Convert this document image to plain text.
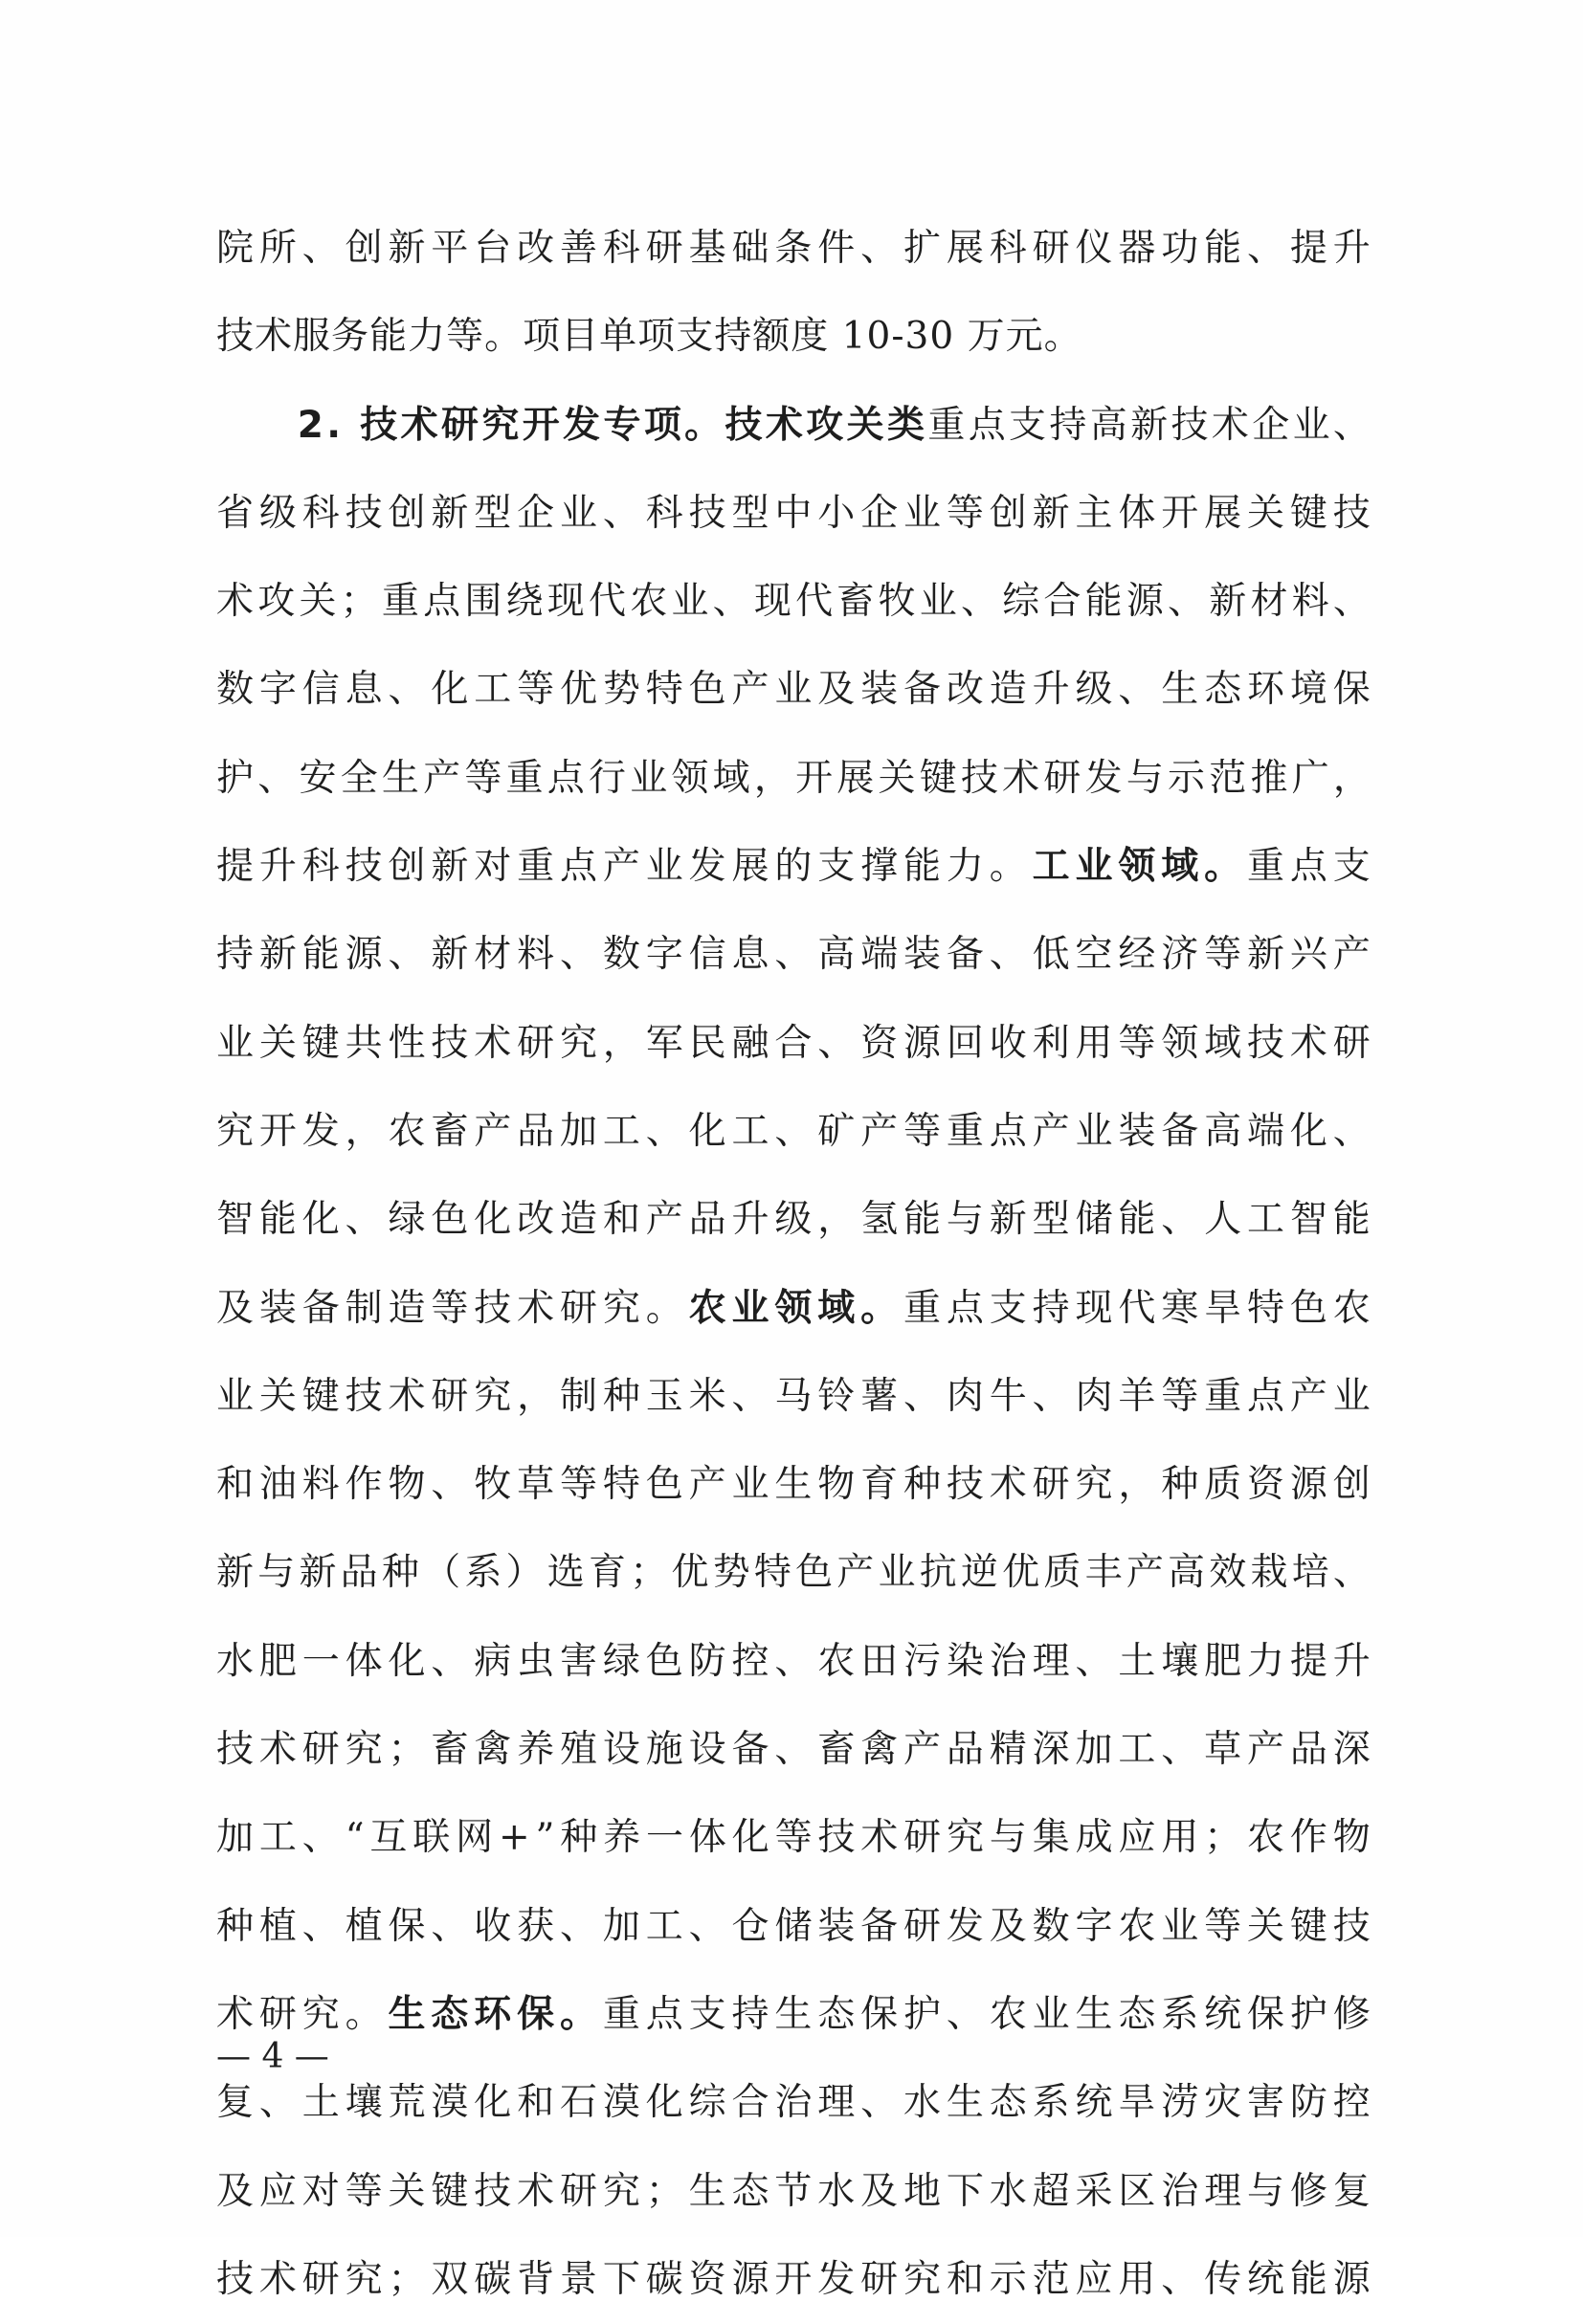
院 所 、 创 新 平 台 改 善 科 研 基 础 条 件 、 扩 展 科 研 仪 器 功 能 、 提 升
技 术 服 务 能 力 等 。 项 目 单 项 支 持 额 度
1 0 - 3 0
万 元 。

2 .
技 术 研 究 开 发 专 项 。 技 术 攻 关 类 重 点 支 持 高 新 技 术 企 业 、
省 级 科 技 创 新 型 企 业 、 科 技 型 中 小 企 业 等 创 新 主 体 开 展 关 键 技
术 攻 关 ； 重 点 围 绕 现 代 农 业 、 现 代 畜 牧 业 、 综 合 能 源 、 新 材 料 、
数 字 信 息 、 化 工 等 优 势 特 色 产 业 及 装 备 改 造 升 级 、 生 态 环 境 保
护 、 安 全 生 产 等 重 点 行 业 领 域 ， 开 展 关 键 技 术 研 发 与 示 范 推 广 ，
提 升 科 技 创 新 对 重 点 产 业 发 展 的 支 撑 能 力 。 工 业 领 域 。 重 点 支
持 新 能 源 、 新 材 料 、 数 字 信 息 、 高 端 装 备 、 低 空 经 济 等 新 兴 产
业 关 键 共 性 技 术 研 究 ， 军 民 融 合 、 资 源 回 收 利 用 等 领 域 技 术 研
究 开 发 ， 农 畜 产 品 加 工 、 化 工 、 矿 产 等 重 点 产 业 装 备 高 端 化 、
智 能 化 、 绿 色 化 改 造 和 产 品 升 级 ， 氢 能 与 新 型 储 能 、 人 工 智 能
及 装 备 制 造 等 技 术 研 究 。 农 业 领 域 。 重 点 支 持 现 代 寒 旱 特 色 农
业 关 键 技 术 研 究 ， 制 种 玉 米 、 马 铃 薯 、 肉 牛 、 肉 羊 等 重 点 产 业
和 油 料 作 物 、 牧 草 等 特 色 产 业 生 物 育 种 技 术 研 究 ， 种 质 资 源 创
新 与 新 品 种 （ 系 ） 选 育 ； 优 势 特 色 产 业 抗 逆 优 质 丰 产 高 效 栽 培 、
水 肥 一 体 化 、 病 虫 害 绿 色 防 控 、 农 田 污 染 治 理 、 土 壤 肥 力 提 升
技 术 研 究 ； 畜 禽 养 殖 设 施 设 备 、 畜 禽 产 品 精 深 加 工 、 草 产 品 深
加 工 、 “ 互 联 网 + ” 种 养 一 体 化 等 技 术 研 究 与 集 成 应 用 ； 农 作 物
种 植 、 植 保 、 收 获 、 加 工 、 仓 储 装 备 研 发 及 数 字 农 业 等 关 键 技
术 研 究 。 生 态 环 保 。 重 点 支 持 生 态 保 护 、 农 业 生 态 系 统 保 护 修
复 、 土 壤 荒 漠 化 和 石 漠 化 综 合 治 理 、 水 生 态 系 统 旱 涝 灾 害 防 控
及 应 对 等 关 键 技 术 研 究 ； 生 态 节 水 及 地 下 水 超 采 区 治 理 与 修 复
技 术 研 究 ； 双 碳 背 景 下 碳 资 源 开 发 研 究 和 示 范 应 用 、 传 统 能 源
— 4 —
